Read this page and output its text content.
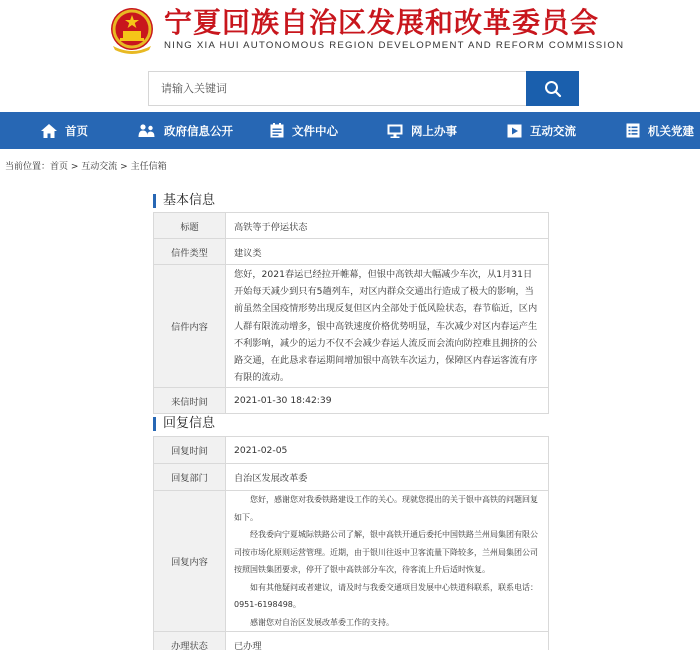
宁夏回族自治区发展和改革委员会
NING XIA HUI AUTONOMOUS REGION DEVELOPMENT AND REFORM COMMISSION
请输入关键词
首页	政府信息公开	文件中心	网上办事	互动交流	机关党建
当前位置：首页 > 互动交流 > 主任信箱
基本信息
标题	高铁等于停运状态
信件类型	建议类
信件内容	您好，2021春运已经拉开帷幕，但银中高铁却大幅减少车次，从1月31日开始每天减少到只有5趟列车，对区内群众交通出行造成了极大的影响，当前虽然全国疫情形势出现反复但区内全部处于低风险状态，春节临近，区内人群有限流动增多，银中高铁速度价格优势明显，车次减少对区内春运产生不利影响，减少的运力不仅不会减少春运人流反而会流向防控难且拥挤的公路交通，在此恳求春运期间增加银中高铁车次运力，保障区内春运客流有序有限的流动。

来信时间	2021-01-30 18:42:39
回复信息
回复时间	2021-02-05
回复部门	自治区发展改革委
回复内容	您好，感谢您对我委铁路建设工作的关心。现就您提出的关于银中高铁的问题回复如下。

经我委向宁夏城际铁路公司了解，银中高铁开通后委托中国铁路兰州局集团有限公司按市场化原则运营管理。近期，由于银川往返中卫客流量下降较多，兰州局集团公司按照国铁集团要求，停开了银中高铁部分车次，待客流上升后适时恢复。

如有其他疑问或者建议，请及时与我委交通项目发展中心铁道科联系，联系电话：0951-6198498。

感谢您对自治区发展改革委工作的支持。

办理状态	已办理
